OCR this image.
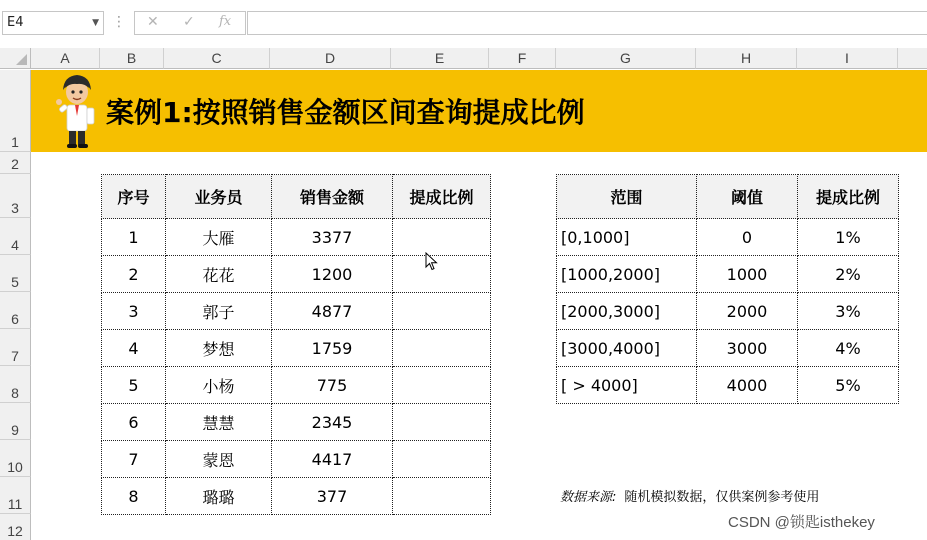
E4	▼ ⋮ ✕ ✓ fx
A	B	C	D	E	F	G	H	I
1
2
3
4
5
6
7
8
9
10
11
12
案例1:按照销售金额区间查询提成比例
序号	业务员	销售金额	提成比例
1	大雁	3377	
2	花花	1200	
3	郭子	4877	
4	梦想	1759	
5	小杨	775	
6	慧慧	2345	
7	蒙恩	4417	
8	璐璐	377	
范围	阈值	提成比例
[0,1000]	0	1%
[1000,2000]	1000	2%
[2000,3000]	2000	3%
[3000,4000]	3000	4%
[ > 4000]	4000	5%
数据来源: 随机模拟数据，仅供案例参考使用
CSDN @锁匙isthekey
